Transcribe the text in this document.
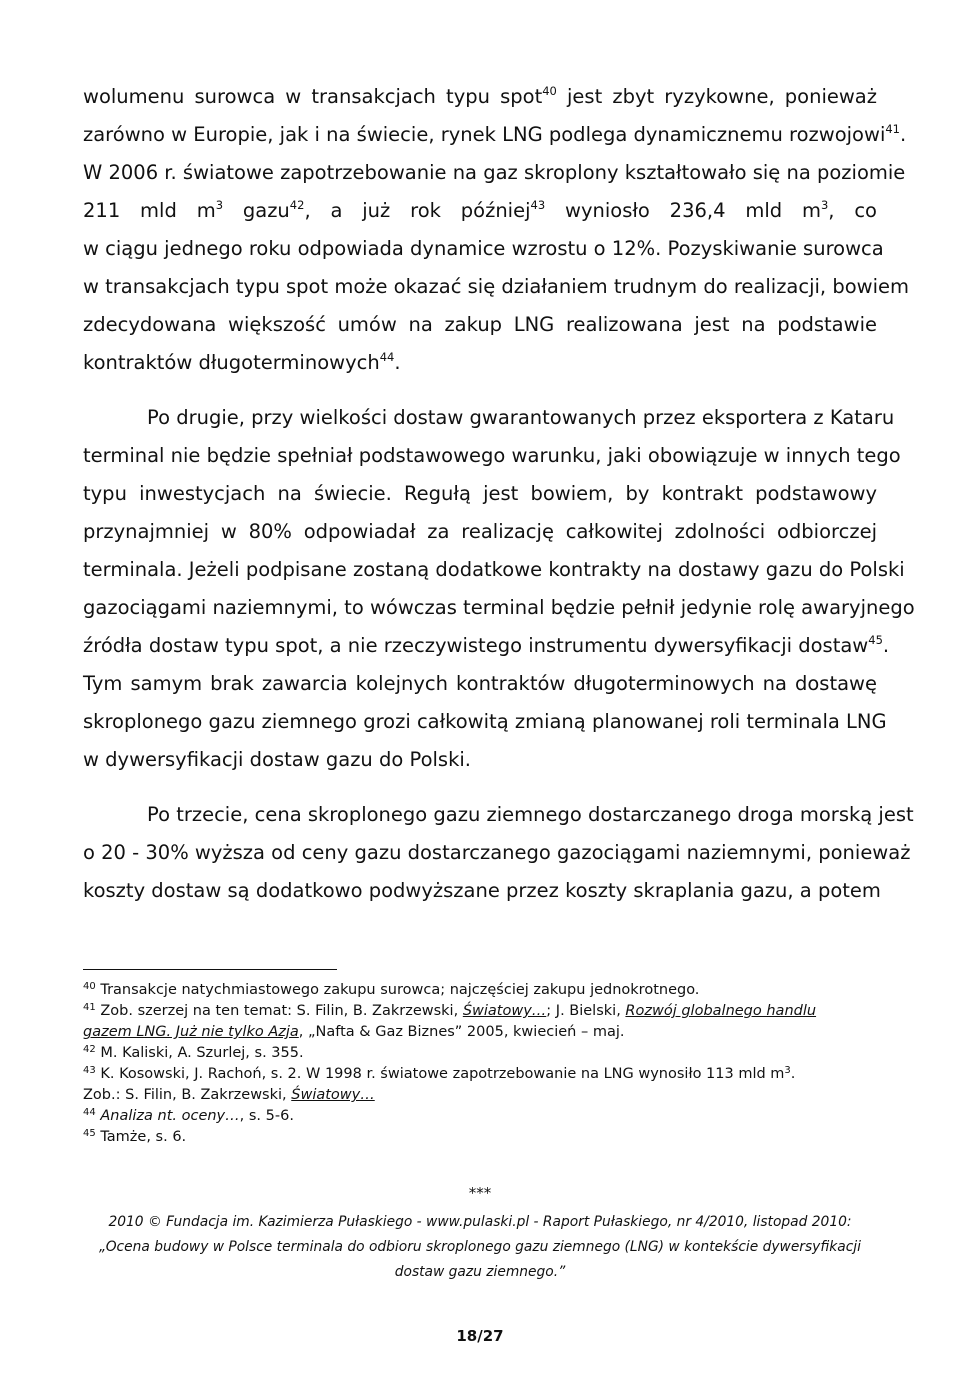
wolumenu surowca w transakcjach typu spot$^{40}$ jest zbyt ryzykowne, ponieważ
zarówno w Europie, jak i na świecie, rynek LNG podlega dynamicznemu rozwojowi$^{41}$.
W 2006 r. światowe zapotrzebowanie na gaz skroplony kształtowało się na poziomie
211 mld $m^3$ gazu$^{42}$, a już rok później$^{43}$ wyniosło 236,4 mld $m^3$, co
w ciągu jednego roku odpowiada dynamice wzrostu o 12%. Pozyskiwanie surowca
w transakcjach typu spot może okazać się działaniem trudnym do realizacji, bowiem
zdecydowana większość umów na zakup LNG realizowana jest na podstawie
kontraktów długoterminowych$^{44}$.
Po drugie, przy wielkości dostaw gwarantowanych przez eksportera z Kataru
terminal nie będzie spełniał podstawowego warunku, jaki obowiązuje w innych tego
typu inwestycjach na świecie. Regułą jest bowiem, by kontrakt podstawowy
przynajmniej w 80% odpowiadał za realizację całkowitej zdolności odbiorczej
terminala. Jeżeli podpisane zostaną dodatkowe kontrakty na dostawy gazu do Polski
gazociągami naziemnymi, to wówczas terminal będzie pełnił jedynie rolę awaryjnego
źródła dostaw typu spot, a nie rzeczywistego instrumentu dywersyfikacji dostaw$^{45}$.
Tym samym brak zawarcia kolejnych kontraktów długoterminowych na dostawę
skroplonego gazu ziemnego grozi całkowitą zmianą planowanej roli terminala LNG
w dywersyfikacji dostaw gazu do Polski.
Po trzecie, cena skroplonego gazu ziemnego dostarczanego droga morską jest
o 20 - 30% wyższa od ceny gazu dostarczanego gazociągami naziemnymi, ponieważ
koszty dostaw są dodatkowo podwyższane przez koszty skraplania gazu, a potem
$^{40}$ Transakcje natychmiastowego zakupu surowca; najczęściej zakupu jednokrotnego.
$^{41}$ Zob. szerzej na ten temat: S. Filin, B. Zakrzewski, Światowy…; J. Bielski, Rozwój globalnego handlu
gazem LNG. Już nie tylko Azja, „Nafta & Gaz Biznes” 2005, kwiecień – maj.
$^{42}$ M. Kaliski, A. Szurlej, s. 355.
$^{43}$ K. Kosowski, J. Rachoń, s. 2. W 1998 r. światowe zapotrzebowanie na LNG wynosiło 113 mld $m^3$.
Zob.: S. Filin, B. Zakrzewski, Światowy…
$^{44}$ Analiza nt. oceny…, s. 5-6.
$^{45}$ Tamże, s. 6.
***
2010 © Fundacja im. Kazimierza Pułaskiego - www.pulaski.pl - Raport Pułaskiego, nr 4/2010, listopad 2010:
„Ocena budowy w Polsce terminala do odbioru skroplonego gazu ziemnego (LNG) w kontekście dywersyfikacji
dostaw gazu ziemnego.”
18/27
